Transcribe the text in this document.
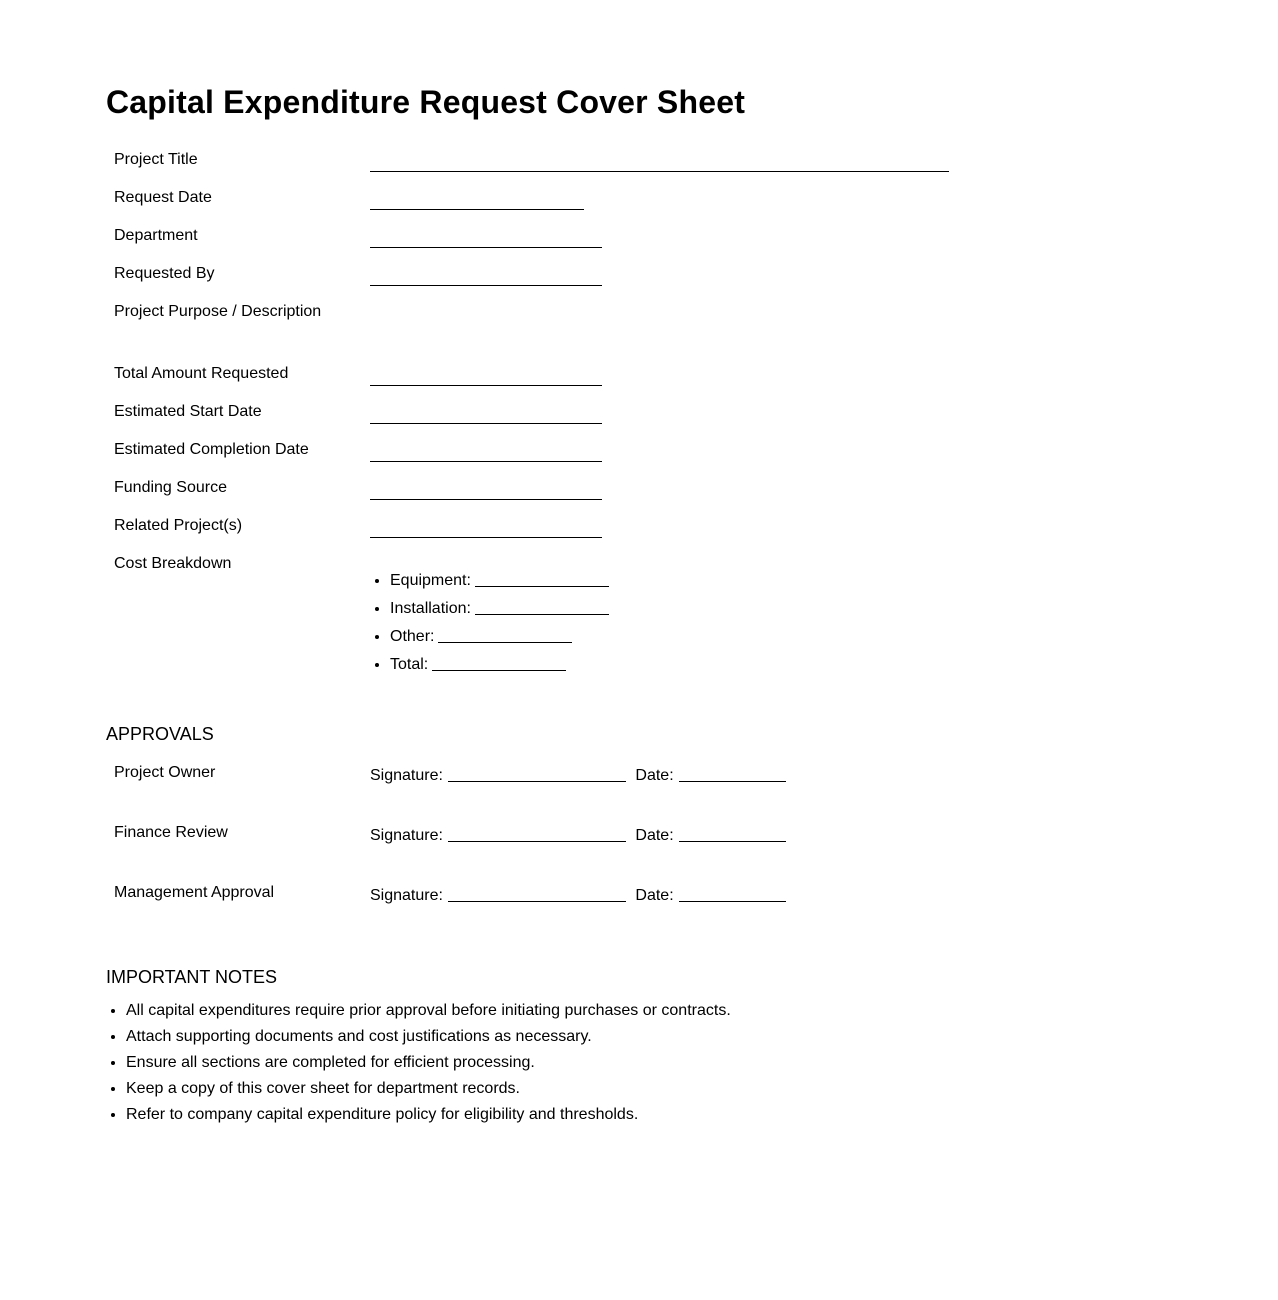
Capital Expenditure Request Cover Sheet
Project Title
Request Date
Department
Requested By
Project Purpose / Description
Total Amount Requested
Estimated Start Date
Estimated Completion Date
Funding Source
Related Project(s)
Cost Breakdown
• Equipment:
• Installation:
• Other:
• Total:
APPROVALS
Project Owner	Signature:	Date:
Finance Review	Signature:	Date:
Management Approval	Signature:	Date:
IMPORTANT NOTES
• All capital expenditures require prior approval before initiating purchases or contracts.
• Attach supporting documents and cost justifications as necessary.
• Ensure all sections are completed for efficient processing.
• Keep a copy of this cover sheet for department records.
• Refer to company capital expenditure policy for eligibility and thresholds.
